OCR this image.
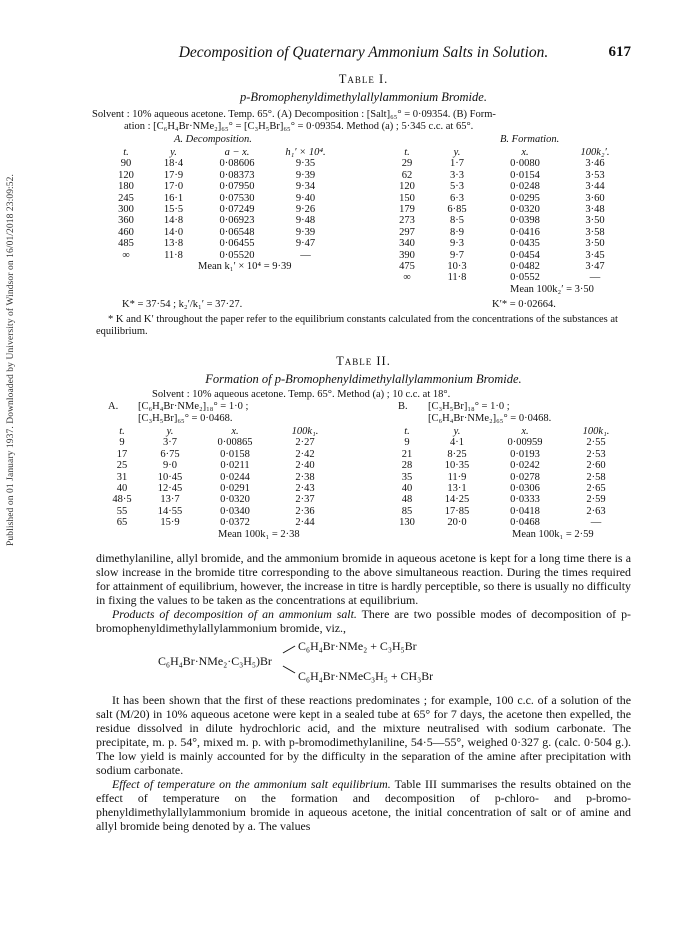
Published on 01 January 1937. Downloaded by University of Windsor on 16/01/2018 23:09:52.
Decomposition of Quaternary Ammonium Salts in Solution.	617
Table I.
p-Bromophenyldimethylallylammonium Bromide.
Solvent : 10% aqueous acetone. Temp. 65°. (A) Decomposition : [Salt]₆₅° = 0·09354. (B) Form-
ation : [C₆H₄Br·NMe₂]₆₅° = [C₃H₅Br]₆₅° = 0·09354. Method (a) ; 5·345 c.c. at 65°.
A. Decomposition.	B. Formation.
t.	y.	a − x.	h₁′ × 10⁴.
90	18·4	0·08606	9·35
120	17·9	0·08373	9·39
180	17·0	0·07950	9·34
245	16·1	0·07530	9·40
300	15·5	0·07249	9·26
360	14·8	0·06923	9·48
460	14·0	0·06548	9·39
485	13·8	0·06455	9·47
∞	11·8	0·05520	—
Mean k₁′ × 10⁴ = 9·39
t.	y.	x.	100k₂′.
29	1·7	0·0080	3·46
62	3·3	0·0154	3·53
120	5·3	0·0248	3·44
150	6·3	0·0295	3·60
179	6·85	0·0320	3·48
273	8·5	0·0398	3·50
297	8·9	0·0416	3·58
340	9·3	0·0435	3·50
390	9·7	0·0454	3·45
475	10·3	0·0482	3·47
∞	11·8	0·0552	—
Mean 100k₂′ = 3·50
K* = 37·54 ; k₂′/k₁′ = 37·27.	K′* = 0·02664.
* K and K′ throughout the paper refer to the equilibrium constants calculated from the concentrations of the substances at equilibrium.
Table II.
Formation of p-Bromophenyldimethylallylammonium Bromide.
Solvent : 10% aqueous acetone. Temp. 65°. Method (a) ; 10 c.c. at 18°.
A.	[C₆H₄Br·NMe₂]₁₈° = 1·0 ;
[C₃H₅Br]₆₅° = 0·0468.
B.	[C₃H₅Br]₁₈° = 1·0 ;
[C₆H₄Br·NMe₂]₆₅° = 0·0468.
t.	y.	x.	100k₁.
9	3·7	0·00865	2·27
17	6·75	0·0158	2·42
25	9·0	0·0211	2·40
31	10·45	0·0244	2·38
40	12·45	0·0291	2·43
48·5	13·7	0·0320	2·37
55	14·55	0·0340	2·36
65	15·9	0·0372	2·44
Mean 100k₁ = 2·38
t.	y.	x.	100k₁.
9	4·1	0·00959	2·55
21	8·25	0·0193	2·53
28	10·35	0·0242	2·60
35	11·9	0·0278	2·58
40	13·1	0·0306	2·65
48	14·25	0·0333	2·59
85	17·85	0·0418	2·63
130	20·0	0·0468	—
Mean 100k₁ = 2·59

dimethylaniline, allyl bromide, and the ammonium bromide in aqueous acetone is kept for a long time there is a slow increase in the bromide titre corresponding to the above simultaneous reaction. During the times required for attainment of equilibrium, however, the increase in titre is hardly perceptible, so there is usually no difficulty in fixing the values to be taken as the concentrations at equilibrium.

Products of decomposition of an ammonium salt. There are two possible modes of decomposition of p-bromophenyldimethylallylammonium bromide, viz.,

C₆H₄Br·NMe₂·C₃H₅)Br
C₆H₄Br·NMe₂ + C₃H₅Br
C₆H₄Br·NMeC₃H₅ + CH₃Br

It has been shown that the first of these reactions predominates ; for example, 100 c.c. of a solution of the salt (M/20) in 10% aqueous acetone were kept in a sealed tube at 65° for 7 days, the acetone then expelled, the residue dissolved in dilute hydrochloric acid, and the mixture neutralised with sodium carbonate. The precipitate, m. p. 54°, mixed m. p. with p-bromodimethylaniline, 54·5—55°, weighed 0·327 g. (calc. 0·504 g.). The low yield is mainly accounted for by the difficulty in the separation of the amine after precipitation with sodium carbonate.

Effect of temperature on the ammonium salt equilibrium. Table III summarises the results obtained on the effect of temperature on the formation and decomposition of p-chloro- and p-bromo-phenyldimethylallylammonium bromide in aqueous acetone, the initial concentration of salt or of amine and allyl bromide being denoted by a. The values
